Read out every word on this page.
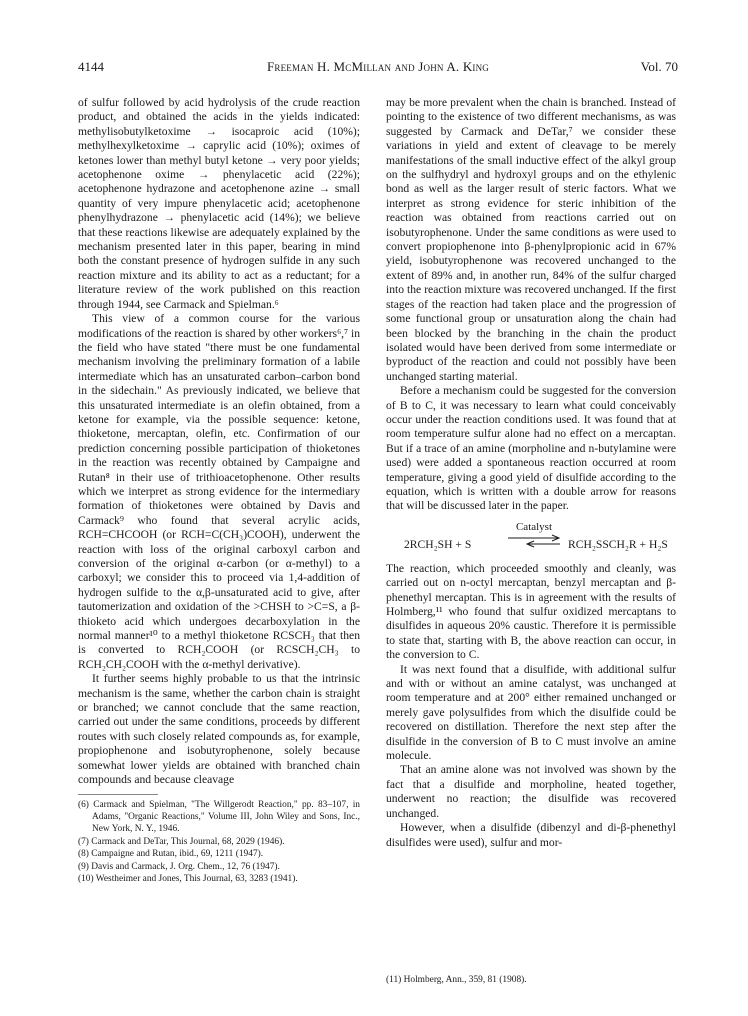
4144	Freeman H. McMillan and John A. King	Vol. 70

of sulfur followed by acid hydrolysis of the crude reaction product, and obtained the acids in the yields indicated: methylisobutylketoxime → isocaproic acid (10%); methylhexylketoxime → caprylic acid (10%); oximes of ketones lower than methyl butyl ketone → very poor yields; acetophenone oxime → phenylacetic acid (22%); acetophenone hydrazone and acetophenone azine → small quantity of very impure phenylacetic acid; acetophenone phenylhydrazone → phenylacetic acid (14%); we believe that these reactions likewise are adequately explained by the mechanism presented later in this paper, bearing in mind both the constant presence of hydrogen sulfide in any such reaction mixture and its ability to act as a reductant; for a literature review of the work published on this reaction through 1944, see Carmack and Spielman.⁶

This view of a common course for the various modifications of the reaction is shared by other workers⁶,⁷ in the field who have stated "there must be one fundamental mechanism involving the preliminary formation of a labile intermediate which has an unsaturated carbon–carbon bond in the sidechain." As previously indicated, we believe that this unsaturated intermediate is an olefin obtained, from a ketone for example, via the possible sequence: ketone, thioketone, mercaptan, olefin, etc. Confirmation of our prediction concerning possible participation of thioketones in the reaction was recently obtained by Campaigne and Rutan⁸ in their use of trithioacetophenone. Other results which we interpret as strong evidence for the intermediary formation of thioketones were obtained by Davis and Carmack⁹ who found that several acrylic acids, RCH=CHCOOH (or RCH=C(CH₃)COOH), underwent the reaction with loss of the original carboxyl carbon and conversion of the original α-carbon (or α-methyl) to a carboxyl; we consider this to proceed via 1,4-addition of hydrogen sulfide to the α,β-unsaturated acid to give, after tautomerization and oxidation of the >CHSH to >C=S, a β-thioketo acid which undergoes decarboxylation in the normal manner¹⁰ to a methyl thioketone RCSCH₃ that then is converted to RCH₂COOH (or RCSCH₂CH₃ to RCH₂CH₂COOH with the α-methyl derivative).

It further seems highly probable to us that the intrinsic mechanism is the same, whether the carbon chain is straight or branched; we cannot conclude that the same reaction, carried out under the same conditions, proceeds by different routes with such closely related compounds as, for example, propiophenone and isobutyrophenone, solely because somewhat lower yields are obtained with branched chain compounds and because cleavage

(6) Carmack and Spielman, "The Willgerodt Reaction," pp. 83–107, in Adams, "Organic Reactions," Volume III, John Wiley and Sons, Inc., New York, N. Y., 1946.
(7) Carmack and DeTar, This Journal, 68, 2029 (1946).
(8) Campaigne and Rutan, ibid., 69, 1211 (1947).
(9) Davis and Carmack, J. Org. Chem., 12, 76 (1947).
(10) Westheimer and Jones, This Journal, 63, 3283 (1941).

may be more prevalent when the chain is branched. Instead of pointing to the existence of two different mechanisms, as was suggested by Carmack and DeTar,⁷ we consider these variations in yield and extent of cleavage to be merely manifestations of the small inductive effect of the alkyl group on the sulfhydryl and hydroxyl groups and on the ethylenic bond as well as the larger result of steric factors. What we interpret as strong evidence for steric inhibition of the reaction was obtained from reactions carried out on isobutyrophenone. Under the same conditions as were used to convert propiophenone into β-phenylpropionic acid in 67% yield, isobutyrophenone was recovered unchanged to the extent of 89% and, in another run, 84% of the sulfur charged into the reaction mixture was recovered unchanged. If the first stages of the reaction had taken place and the progression of some functional group or unsaturation along the chain had been blocked by the branching in the chain the product isolated would have been derived from some intermediate or byproduct of the reaction and could not possibly have been unchanged starting material.

Before a mechanism could be suggested for the conversion of B to C, it was necessary to learn what could conceivably occur under the reaction conditions used. It was found that at room temperature sulfur alone had no effect on a mercaptan. But if a trace of an amine (morpholine and n-butylamine were used) were added a spontaneous reaction occurred at room temperature, giving a good yield of disulfide according to the equation, which is written with a double arrow for reasons that will be discussed later in the paper.

2RCH₂SH + S
Catalyst
RCH₂SSCH₂R + H₂S

The reaction, which proceeded smoothly and cleanly, was carried out on n-octyl mercaptan, benzyl mercaptan and β-phenethyl mercaptan. This is in agreement with the results of Holmberg,¹¹ who found that sulfur oxidized mercaptans to disulfides in aqueous 20% caustic. Therefore it is permissible to state that, starting with B, the above reaction can occur, in the conversion to C.

It was next found that a disulfide, with additional sulfur and with or without an amine catalyst, was unchanged at room temperature and at 200° either remained unchanged or merely gave polysulfides from which the disulfide could be recovered on distillation. Therefore the next step after the disulfide in the conversion of B to C must involve an amine molecule.

That an amine alone was not involved was shown by the fact that a disulfide and morpholine, heated together, underwent no reaction; the disulfide was recovered unchanged.

However, when a disulfide (dibenzyl and di-β-phenethyl disulfides were used), sulfur and mor-

(11) Holmberg, Ann., 359, 81 (1908).
